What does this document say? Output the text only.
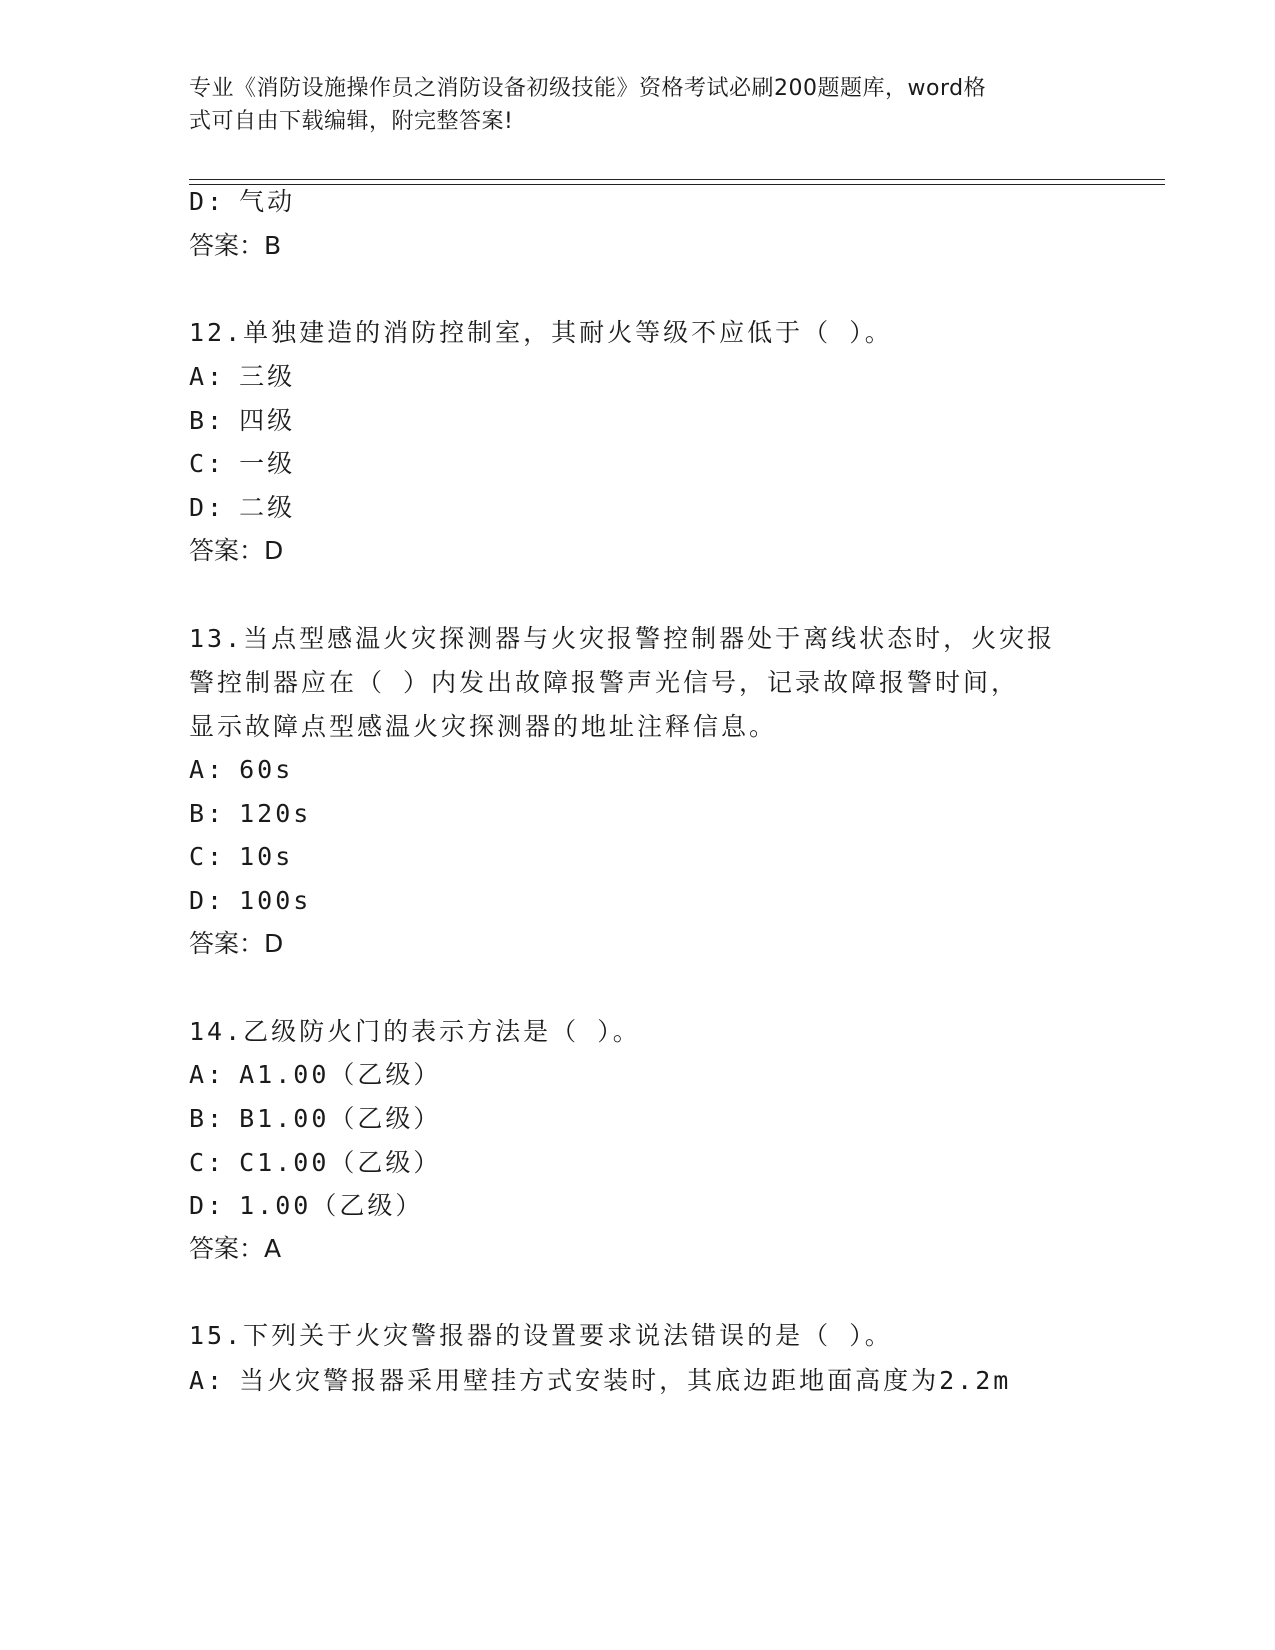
专业《消防设施操作员之消防设备初级技能》资格考试必刷200题题库，word格
式可自由下载编辑，附完整答案!
D: 气动
答案：B
12.单独建造的消防控制室，其耐火等级不应低于（ ）。
A: 三级
B: 四级
C: 一级
D: 二级
答案：D
13.当点型感温火灾探测器与火灾报警控制器处于离线状态时，火灾报
警控制器应在（ ）内发出故障报警声光信号，记录故障报警时间，
显示故障点型感温火灾探测器的地址注释信息。
A: 60s
B: 120s
C: 10s
D: 100s
答案：D
14.乙级防火门的表示方法是（ ）。
A: A1.00（乙级）
B: B1.00（乙级）
C: C1.00（乙级）
D: 1.00（乙级）
答案：A
15.下列关于火灾警报器的设置要求说法错误的是（ ）。
A: 当火灾警报器采用壁挂方式安装时，其底边距地面高度为2.2m
